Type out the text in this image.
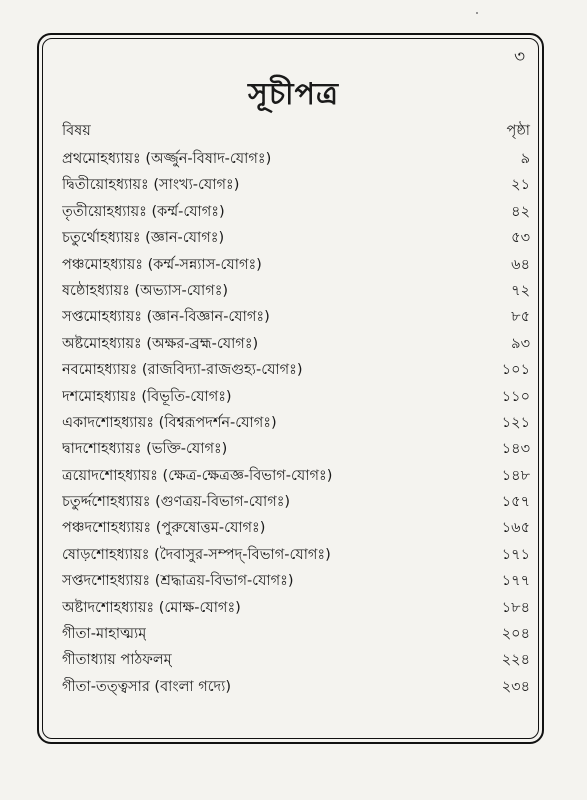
৩
সূচীপত্র
বিষয়	পৃষ্ঠা
প্রথমোহধ্যায়ঃ (অর্জ্জুন-বিষাদ-যোগঃ)	৯
দ্বিতীয়োহধ্যায়ঃ (সাংখ্য-যোগঃ)	২১
তৃতীয়োহধ্যায়ঃ (কর্ম্ম-যোগঃ)	৪২
চতুর্থোহধ্যায়ঃ (জ্ঞান-যোগঃ)	৫৩
পঞ্চমোহধ্যায়ঃ (কর্ম্ম-সন্ন্যাস-যোগঃ)	৬৪
ষষ্ঠোহধ্যায়ঃ (অভ্যাস-যোগঃ)	৭২
সপ্তমোহধ্যায়ঃ (জ্ঞান-বিজ্ঞান-যোগঃ)	৮৫
অষ্টমোহধ্যায়ঃ (অক্ষর-ব্রহ্ম-যোগঃ)	৯৩
নবমোহধ্যায়ঃ (রাজবিদ্যা-রাজগুহ্য-যোগঃ)	১০১
দশমোহধ্যায়ঃ (বিভূতি-যোগঃ)	১১০
একাদশোহধ্যায়ঃ (বিশ্বরূপদর্শন-যোগঃ)	১২১
দ্বাদশোহধ্যায়ঃ (ভক্তি-যোগঃ)	১৪৩
ত্রয়োদশোহধ্যায়ঃ (ক্ষেত্র-ক্ষেত্রজ্ঞ-বিভাগ-যোগঃ)	১৪৮
চতুর্দ্দশোহধ্যায়ঃ (গুণত্রয়-বিভাগ-যোগঃ)	১৫৭
পঞ্চদশোহধ্যায়ঃ (পুরুষোত্তম-যোগঃ)	১৬৫
ষোড়শোহধ্যায়ঃ (দৈবাসুর-সম্পদ্-বিভাগ-যোগঃ)	১৭১
সপ্তদশোহধ্যায়ঃ (শ্রদ্ধাত্রয়-বিভাগ-যোগঃ)	১৭৭
অষ্টাদশোহধ্যায়ঃ (মোক্ষ-যোগঃ)	১৮৪
গীতা-মাহাত্ম্যম্	২০৪
গীতাধ্যায় পাঠফলম্	২২৪
গীতা-তত্ত্বসার (বাংলা গদ্যে)	২৩৪
